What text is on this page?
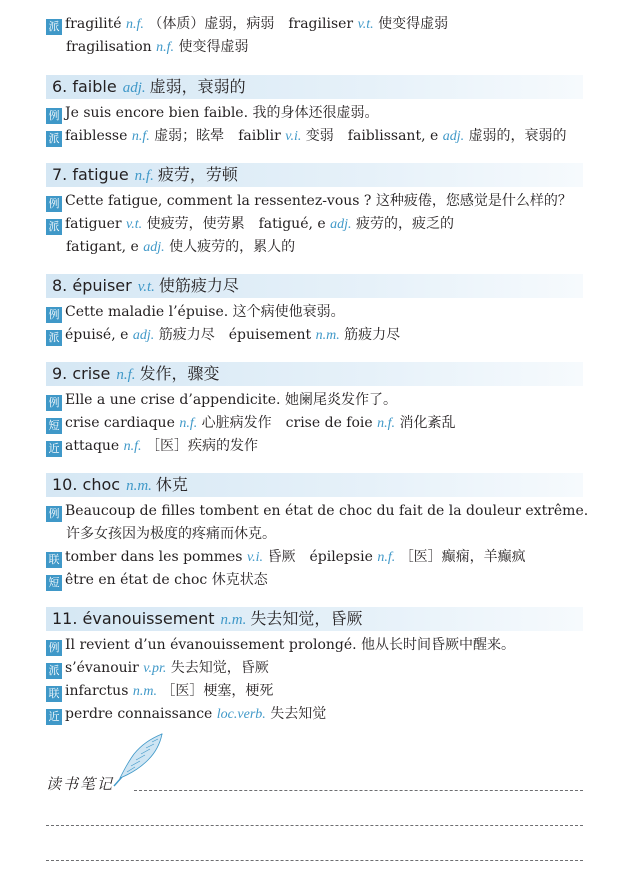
派 fragilité n.f. （体质）虚弱，病弱 fragiliser v.t. 使变得虚弱
fragilisation n.f. 使变得虚弱
6. faible adj. 虚弱，衰弱的
例 Je suis encore bien faible. 我的身体还很虚弱。
派 faiblesse n.f. 虚弱；眩晕 faiblir v.i. 变弱 faiblissant, e adj. 虚弱的，衰弱的
7. fatigue n.f. 疲劳，劳顿
例 Cette fatigue, comment la ressentez-vous ? 这种疲倦，您感觉是什么样的？
派 fatiguer v.t. 使疲劳，使劳累 fatigué, e adj. 疲劳的，疲乏的
fatigant, e adj. 使人疲劳的，累人的
8. épuiser v.t. 使筋疲力尽
例 Cette maladie l’épuise. 这个病使他衰弱。
派 épuisé, e adj. 筋疲力尽 épuisement n.m. 筋疲力尽
9. crise n.f. 发作，骤变
例 Elle a une crise d’appendicite. 她阑尾炎发作了。
短 crise cardiaque n.f. 心脏病发作 crise de foie n.f. 消化紊乱
近 attaque n.f. ［医］疾病的发作
10. choc n.m. 休克
例 Beaucoup de filles tombent en état de choc du fait de la douleur extrême.
许多女孩因为极度的疼痛而休克。
联 tomber dans les pommes v.i. 昏厥 épilepsie n.f. ［医］癫痫，羊癫疯
短 être en état de choc 休克状态
11. évanouissement n.m. 失去知觉，昏厥
例 Il revient d’un évanouissement prolongé. 他从长时间昏厥中醒来。
派 s’évanouir v.pr. 失去知觉，昏厥
联 infarctus n.m. ［医］梗塞，梗死
近 perdre connaissance loc.verb. 失去知觉
读书笔记
